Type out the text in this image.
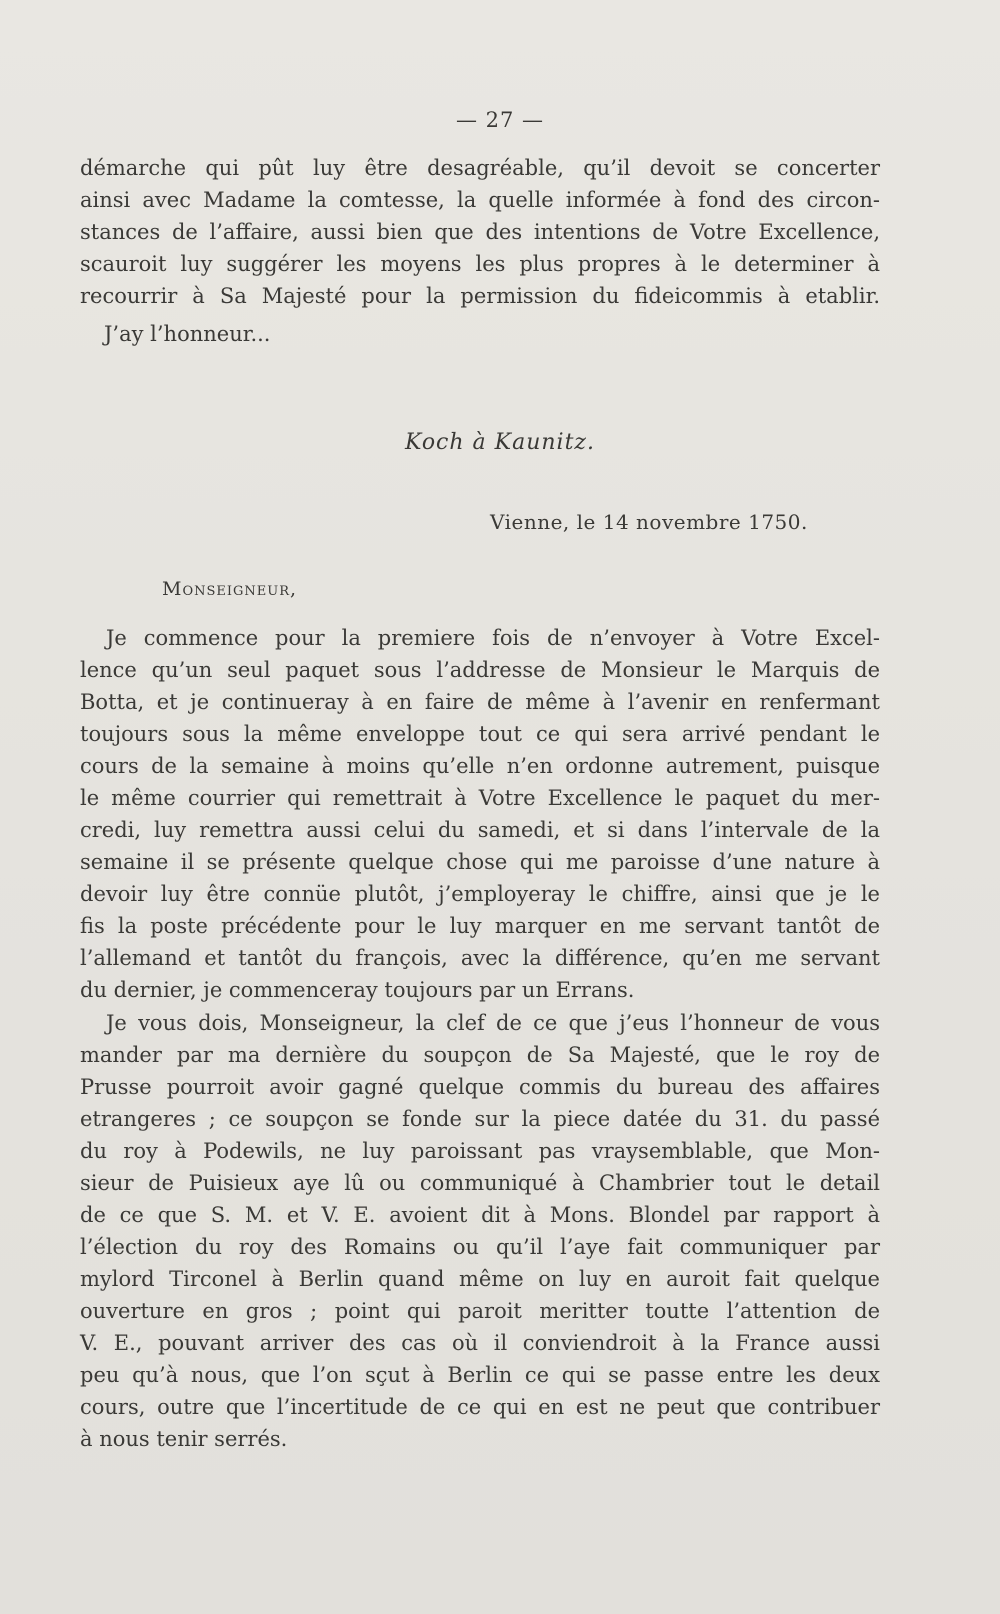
— 27 —
démarche qui pût luy être desagréable, qu’il devoit se concerter
ainsi avec Madame la comtesse, la quelle informée à fond des circon-
stances de l’affaire, aussi bien que des intentions de Votre Excellence,
scauroit luy suggérer les moyens les plus propres à le determiner à
recourrir à Sa Majesté pour la permission du fideicommis à etablir.
J’ay l’honneur...
Koch à Kaunitz.
Vienne, le 14 novembre 1750.
Monseigneur,
Je commence pour la premiere fois de n’envoyer à Votre Excel-
lence qu’un seul paquet sous l’addresse de Monsieur le Marquis de
Botta, et je continueray à en faire de même à l’avenir en renfermant
toujours sous la même enveloppe tout ce qui sera arrivé pendant le
cours de la semaine à moins qu’elle n’en ordonne autrement, puisque
le même courrier qui remettrait à Votre Excellence le paquet du mer-
credi, luy remettra aussi celui du samedi, et si dans l’intervale de la
semaine il se présente quelque chose qui me paroisse d’une nature à
devoir luy être connüe plutôt, j’employeray le chiffre, ainsi que je le
fis la poste précédente pour le luy marquer en me servant tantôt de
l’allemand et tantôt du françois, avec la différence, qu’en me servant
du dernier, je commenceray toujours par un Errans.
Je vous dois, Monseigneur, la clef de ce que j’eus l’honneur de vous
mander par ma dernière du soupçon de Sa Majesté, que le roy de
Prusse pourroit avoir gagné quelque commis du bureau des affaires
etrangeres ; ce soupçon se fonde sur la piece datée du 31. du passé
du roy à Podewils, ne luy paroissant pas vraysemblable, que Mon-
sieur de Puisieux aye lû ou communiqué à Chambrier tout le detail
de ce que S. M. et V. E. avoient dit à Mons. Blondel par rapport à
l’élection du roy des Romains ou qu’il l’aye fait communiquer par
mylord Tirconel à Berlin quand même on luy en auroit fait quelque
ouverture en gros ; point qui paroit meritter toutte l’attention de
V. E., pouvant arriver des cas où il conviendroit à la France aussi
peu qu’à nous, que l’on sçut à Berlin ce qui se passe entre les deux
cours, outre que l’incertitude de ce qui en est ne peut que contribuer
à nous tenir serrés.
